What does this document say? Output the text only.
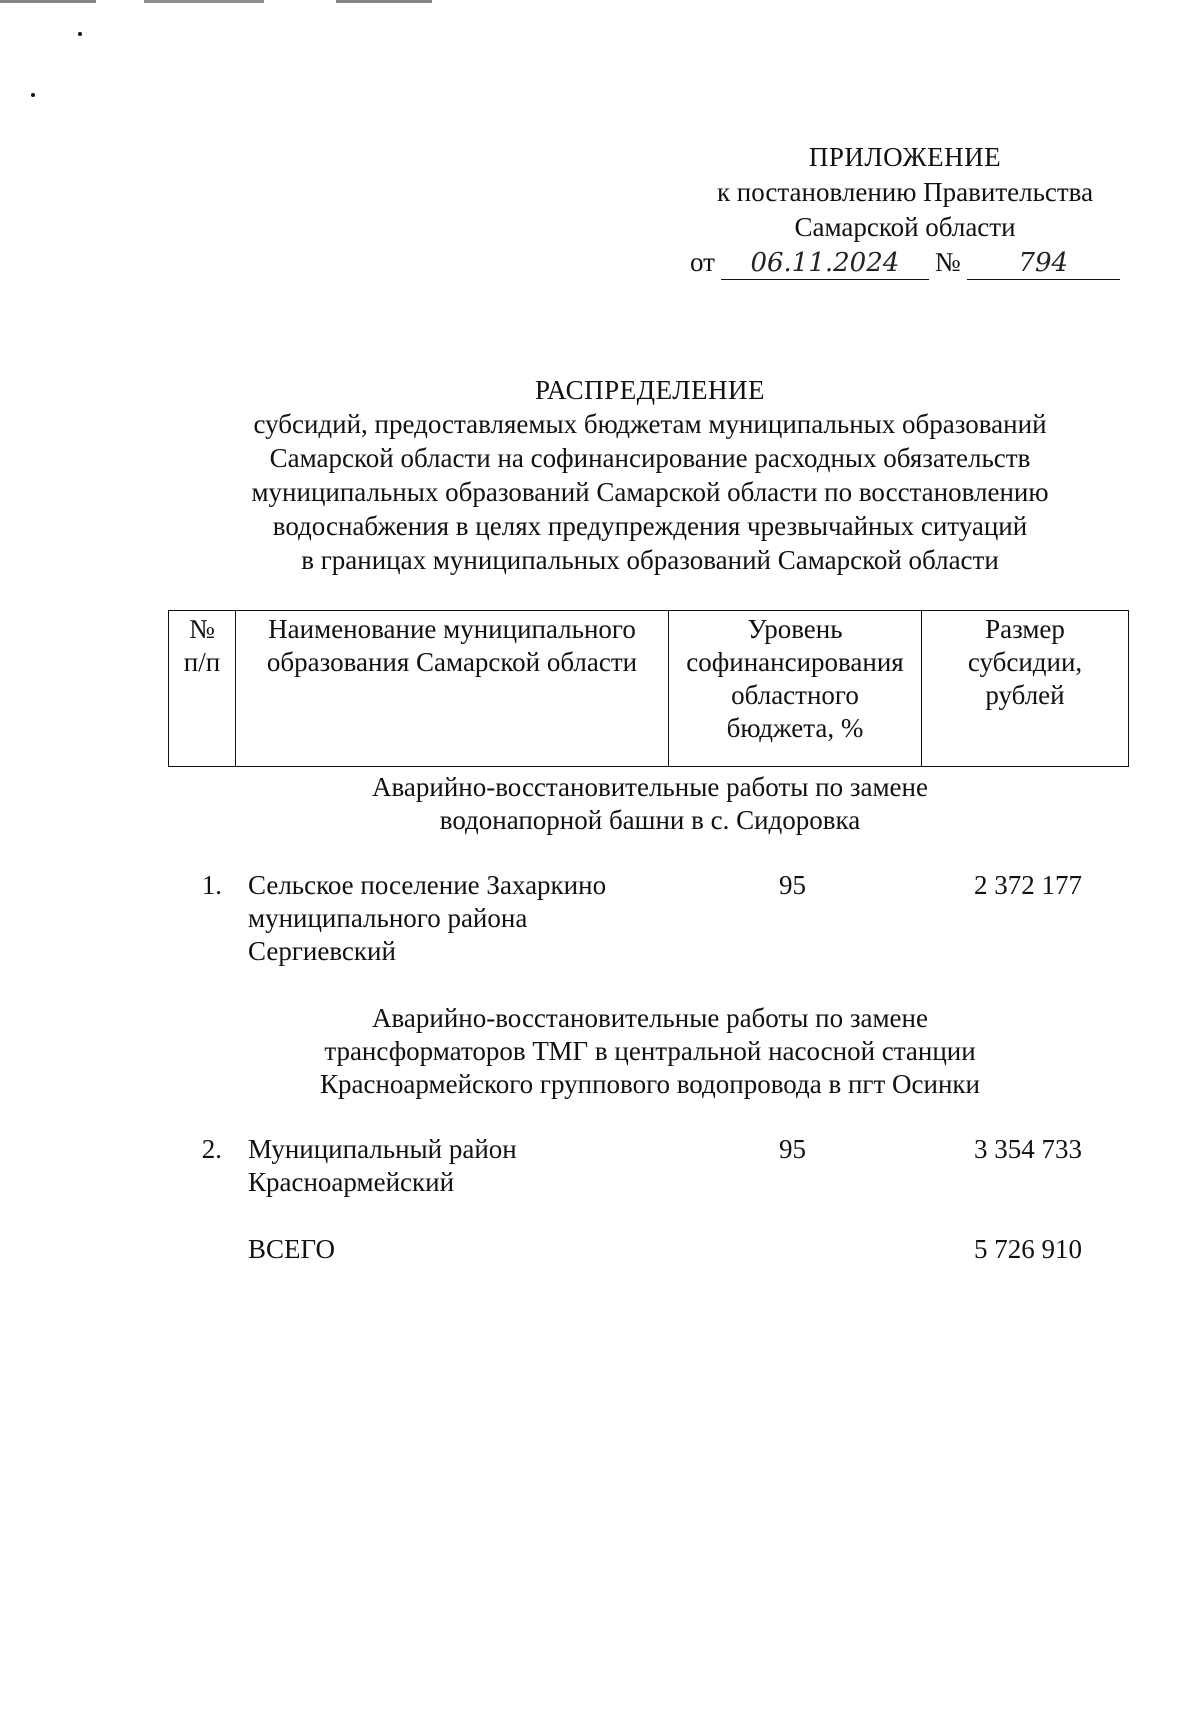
ПРИЛОЖЕНИЕ
к постановлению Правительства
Самарской области
от	06.11.2024	№	794
РАСПРЕДЕЛЕНИЕ
субсидий, предоставляемых бюджетам муниципальных образований
Самарской области на софинансирование расходных обязательств
муниципальных образований Самарской области по восстановлению
водоснабжения в целях предупреждения чрезвычайных ситуаций
в границах муниципальных образований Самарской области
№
п/п

Наименование муниципального
образования Самарской области

Уровень
софинансирования
областного
бюджета, %

Размер
субсидии,
рублей
Аварийно-восстановительные работы по замене
водонапорной башни в с. Сидоровка
1. Сельское поселение Захаркино
муниципального района
Сергиевский
95	2 372 177
Аварийно-восстановительные работы по замене
трансформаторов ТМГ в центральной насосной станции
Красноармейского группового водопровода в пгт Осинки
2. Муниципальный район
Красноармейский
95	3 354 733
ВСЕГО	5 726 910
